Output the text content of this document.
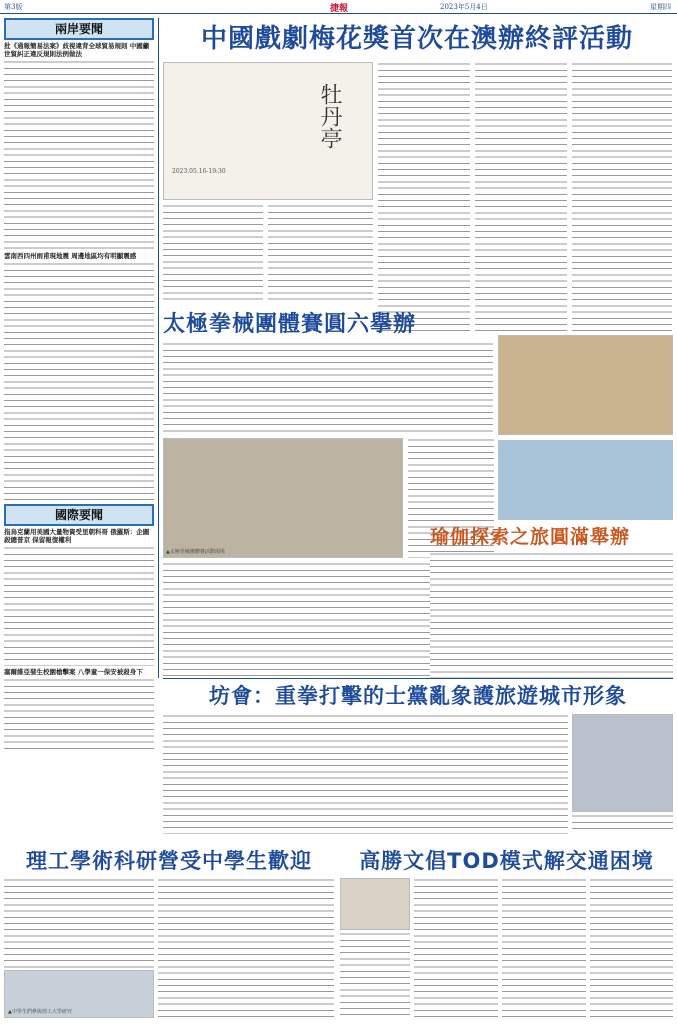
第3版	捷報	2023年5月4日	星期四
兩岸要聞
批《通報簡易法案》歧視違背全球貿易規則 中國籲世貿糾正違反規則法例做法
雲南西四州雨甫現地震 周邊地區均有明顯震感
國際要聞
指烏克蘭用美國大量物資受里朝科哥 俄羅斯：企圖殺總普京 保留報復權利
塞爾維亞發生校園槍擊案 八學童一保安被殺身下
中國戲劇梅花獎首次在澳辦終評活動
牡丹亭
2023.05.16-19:30
太極拳械團體賽圓六擧辦
▲太極拳械團體賽活動現場
瑜伽探索之旅圓滿舉辦
坊會：重拳打擊的士黨亂象護旅遊城市形象
理工學術科研營受中學生歡迎
▲中學生們參與理工大學研究
高勝文倡TOD模式解交通困境
